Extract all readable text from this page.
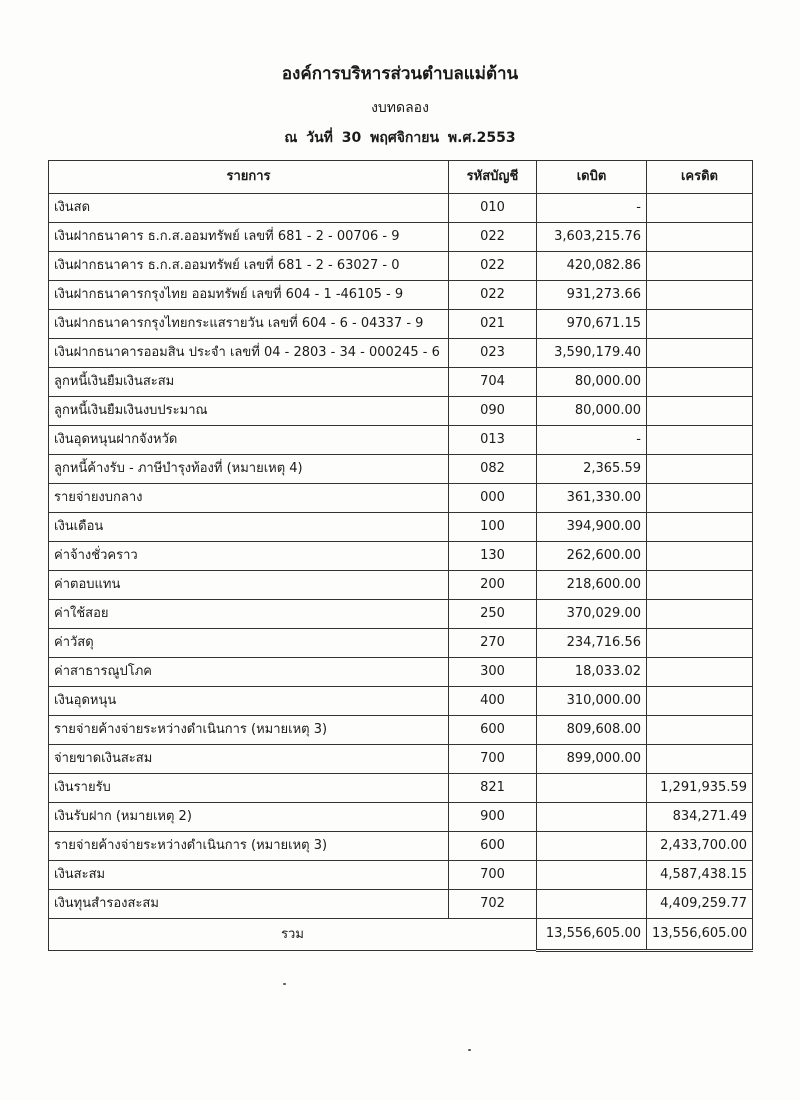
องค์การบริหารส่วนตำบลแม่ต้าน
งบทดลอง
ณ วันที่ 30 พฤศจิกายน พ.ศ.2553
รายการ	รหัสบัญชี	เดบิต	เครดิต
เงินสด	010	-	
เงินฝากธนาคาร ธ.ก.ส.ออมทรัพย์ เลขที่ 681 - 2 - 00706 - 9	022	3,603,215.76	
เงินฝากธนาคาร ธ.ก.ส.ออมทรัพย์ เลขที่ 681 - 2 - 63027 - 0	022	420,082.86	
เงินฝากธนาคารกรุงไทย ออมทรัพย์ เลขที่ 604 - 1 -46105 - 9	022	931,273.66	
เงินฝากธนาคารกรุงไทยกระแสรายวัน เลขที่ 604 - 6 - 04337 - 9	021	970,671.15	
เงินฝากธนาคารออมสิน ประจำ เลขที่ 04 - 2803 - 34 - 000245 - 6	023	3,590,179.40	
ลูกหนี้เงินยืมเงินสะสม	704	80,000.00	
ลูกหนี้เงินยืมเงินงบประมาณ	090	80,000.00	
เงินอุดหนุนฝากจังหวัด	013	-	
ลูกหนี้ค้างรับ - ภาษีบำรุงท้องที่ (หมายเหตุ 4)	082	2,365.59	
รายจ่ายงบกลาง	000	361,330.00	
เงินเดือน	100	394,900.00	
ค่าจ้างชั่วคราว	130	262,600.00	
ค่าตอบแทน	200	218,600.00	
ค่าใช้สอย	250	370,029.00	
ค่าวัสดุ	270	234,716.56	
ค่าสาธารณูปโภค	300	18,033.02	
เงินอุดหนุน	400	310,000.00	
รายจ่ายค้างจ่ายระหว่างดำเนินการ (หมายเหตุ 3)	600	809,608.00	
จ่ายขาดเงินสะสม	700	899,000.00	
เงินรายรับ	821		1,291,935.59
เงินรับฝาก (หมายเหตุ 2)	900		834,271.49
รายจ่ายค้างจ่ายระหว่างดำเนินการ (หมายเหตุ 3)	600		2,433,700.00
เงินสะสม	700		4,587,438.15
เงินทุนสำรองสะสม	702		4,409,259.77
รวม		13,556,605.00	13,556,605.00
